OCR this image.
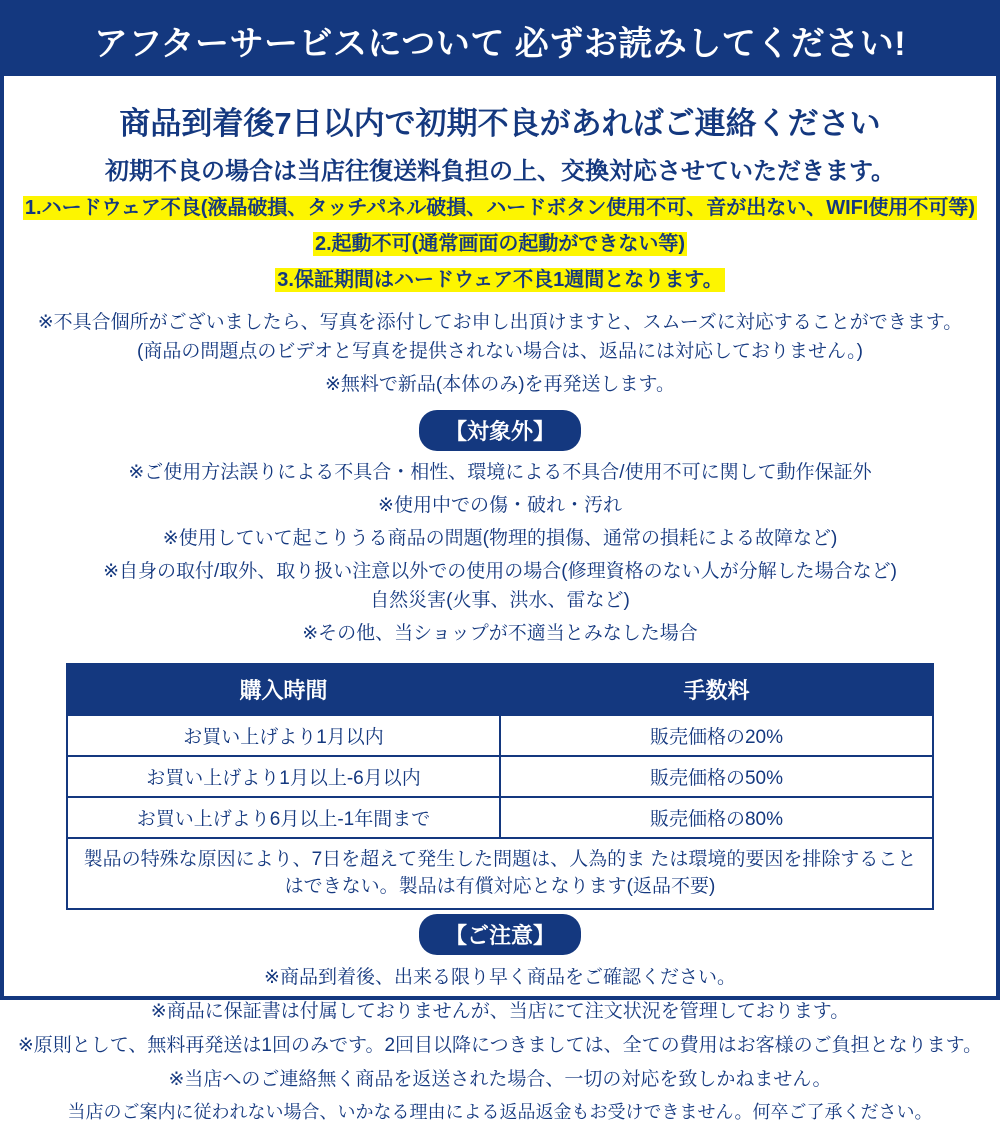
アフターサービスについて 必ずお読みしてください!
商品到着後7日以内で初期不良があればご連絡ください
初期不良の場合は当店往復送料負担の上、交換対応させていただきます。
1.ハードウェア不良(液晶破損、タッチパネル破損、ハードボタン使用不可、音が出ない、WIFI使用不可等)
2.起動不可(通常画面の起動ができない等)
3.保証期間はハードウェア不良1週間となります。
※不具合個所がございましたら、写真を添付してお申し出頂けますと、スムーズに対応することができます。
(商品の問題点のビデオと写真を提供されない場合は、返品には対応しておりません。)
※無料で新品(本体のみ)を再発送します。
【対象外】
※ご使用方法誤りによる不具合・相性、環境による不具合/使用不可に関して動作保証外
※使用中での傷・破れ・汚れ
※使用していて起こりうる商品の問題(物理的損傷、通常の損耗による故障など)
※自身の取付/取外、取り扱い注意以外での使用の場合(修理資格のない人が分解した場合など)
自然災害(火事、洪水、雷など)
※その他、当ショップが不適当とみなした場合
購入時間	手数料
お買い上げより1月以内	販売価格の20%
お買い上げより1月以上-6月以内	販売価格の50%
お買い上げより6月以上-1年間まで	販売価格の80%
製品の特殊な原因により、7日を超えて発生した問題は、人為的ま たは環境的要因を排除することはできない。製品は有償対応となります(返品不要)	
【ご注意】
※商品到着後、出来る限り早く商品をご確認ください。
※商品に保証書は付属しておりませんが、当店にて注文状況を管理しております。
※原則として、無料再発送は1回のみです。2回目以降につきましては、全ての費用はお客様のご負担となります。
※当店へのご連絡無く商品を返送された場合、一切の対応を致しかねません。
当店のご案内に従われない場合、いかなる理由による返品返金もお受けできません。何卒ご了承ください。
